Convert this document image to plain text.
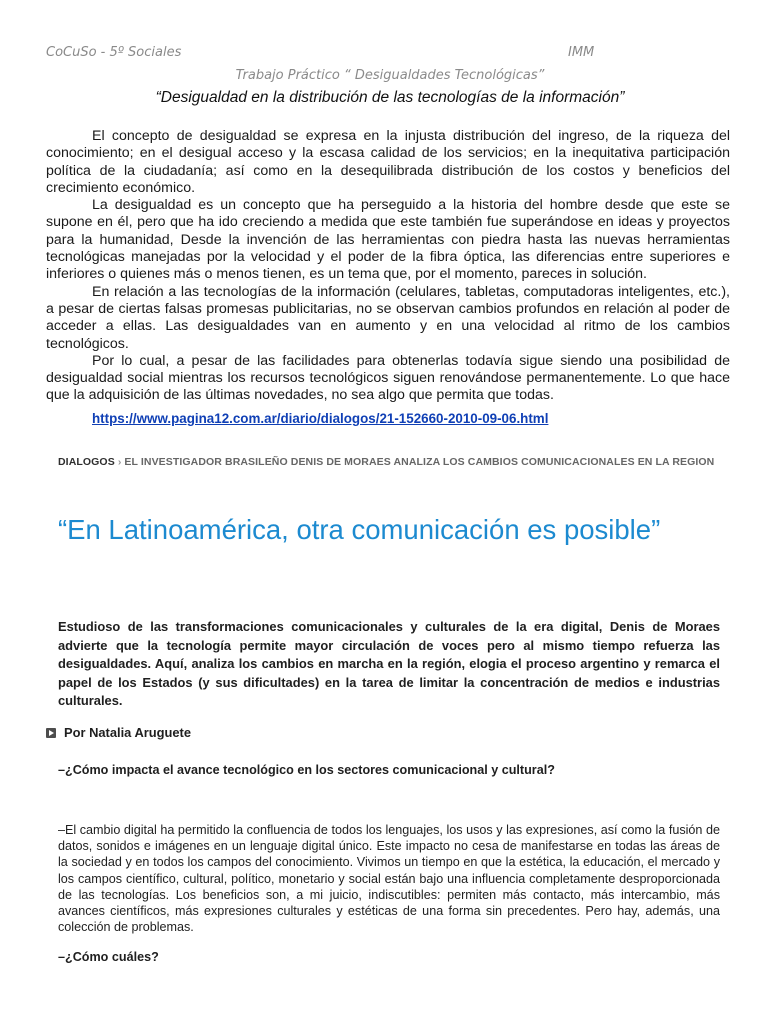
CoCuSo - 5º Sociales	IMM
Trabajo Práctico “ Desigualdades Tecnológicas”
“Desigualdad en la distribución de las tecnologías de la información”

El concepto de desigualdad se expresa en la injusta distribución del ingreso, de la riqueza del conocimiento; en el desigual acceso y la escasa calidad de los servicios; en la inequitativa participación política de la ciudadanía; así como en la desequilibrada distribución de los costos y beneficios del crecimiento económico.

La desigualdad es un concepto que ha perseguido a la historia del hombre desde que este se supone en él, pero que ha ido creciendo a medida que este también fue superándose en ideas y proyectos para la humanidad, Desde la invención de las herramientas con piedra hasta las nuevas herramientas tecnológicas manejadas por la velocidad y el poder de la fibra óptica, las diferencias entre superiores e inferiores o quienes más o menos tienen, es un tema que, por el momento, pareces in solución.

En relación a las tecnologías de la información (celulares, tabletas, computadoras inteligentes, etc.), a pesar de ciertas falsas promesas publicitarias, no se observan cambios profundos en relación al poder de acceder a ellas. Las desigualdades van en aumento y en una velocidad al ritmo de los cambios tecnológicos.

Por lo cual, a pesar de las facilidades para obtenerlas todavía sigue siendo una posibilidad de desigualdad social mientras los recursos tecnológicos siguen renovándose permanentemente. Lo que hace que la adquisición de las últimas novedades, no sea algo que permita que todas.

https://www.pagina12.com.ar/diario/dialogos/21-152660-2010-09-06.html
DIALOGOS › EL INVESTIGADOR BRASILEÑO DENIS DE MORAES ANALIZA LOS CAMBIOS COMUNICACIONALES EN LA REGION
“En Latinoamérica, otra comunicación es posible”
Estudioso de las transformaciones comunicacionales y culturales de la era digital, Denis de Moraes advierte que la tecnología permite mayor circulación de voces pero al mismo tiempo refuerza las desigualdades. Aquí, analiza los cambios en marcha en la región, elogia el proceso argentino y remarca el papel de los Estados (y sus dificultades) en la tarea de limitar la concentración de medios e industrias culturales.
Por Natalia Aruguete
–¿Cómo impacta el avance tecnológico en los sectores comunicacional y cultural?

–El cambio digital ha permitido la confluencia de todos los lenguajes, los usos y las expresiones, así como la fusión de datos, sonidos e imágenes en un lenguaje digital único. Este impacto no cesa de manifestarse en todas las áreas de la sociedad y en todos los campos del conocimiento. Vivimos un tiempo en que la estética, la educación, el mercado y los campos científico, cultural, político, monetario y social están bajo una influencia completamente desproporcionada de las tecnologías. Los beneficios son, a mi juicio, indiscutibles: permiten más contacto, más intercambio, más avances científicos, más expresiones culturales y estéticas de una forma sin precedentes. Pero hay, además, una colección de problemas.

–¿Cómo cuáles?
